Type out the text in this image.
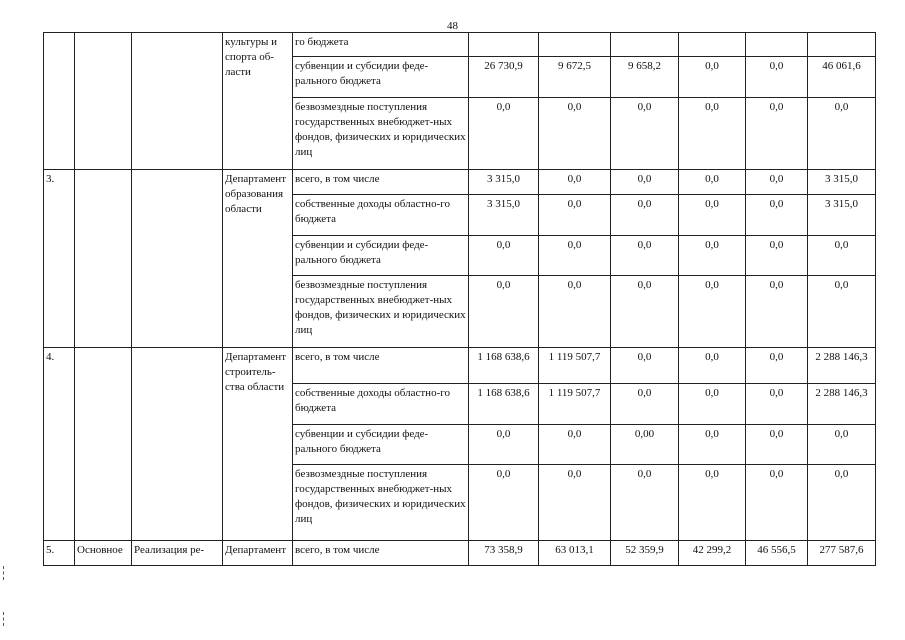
48
			культуры и спорта об-ласти	го бюджета						
				субвенции и субсидии феде-рального бюджета	26 730,9	9 672,5	9 658,2	0,0	0,0	46 061,6
				безвозмездные поступления государственных внебюджет-ных фондов, физических и юридических лиц	0,0	0,0	0,0	0,0	0,0	0,0
3.			Департамент образования области	всего, в том числе	3 315,0	0,0	0,0	0,0	0,0	3 315,0
				собственные доходы областно-го бюджета	3 315,0	0,0	0,0	0,0	0,0	3 315,0
				субвенции и субсидии феде-рального бюджета	0,0	0,0	0,0	0,0	0,0	0,0
				безвозмездные поступления государственных внебюджет-ных фондов, физических и юридических лиц	0,0	0,0	0,0	0,0	0,0	0,0
4.			Департамент строитель-ства области	всего, в том числе	1 168 638,6	1 119 507,7	0,0	0,0	0,0	2 288 146,3
				собственные доходы областно-го бюджета	1 168 638,6	1 119 507,7	0,0	0,0	0,0	2 288 146,3
				субвенции и субсидии феде-рального бюджета	0,0	0,0	0,00	0,0	0,0	0,0
				безвозмездные поступления государственных внебюджет-ных фондов, физических и юридических лиц	0,0	0,0	0,0	0,0	0,0	0,0
5.	Основное	Реализация ре-	Департамент	всего, в том числе	73 358,9	63 013,1	52 359,9	42 299,2	46 556,5	277 587,6
